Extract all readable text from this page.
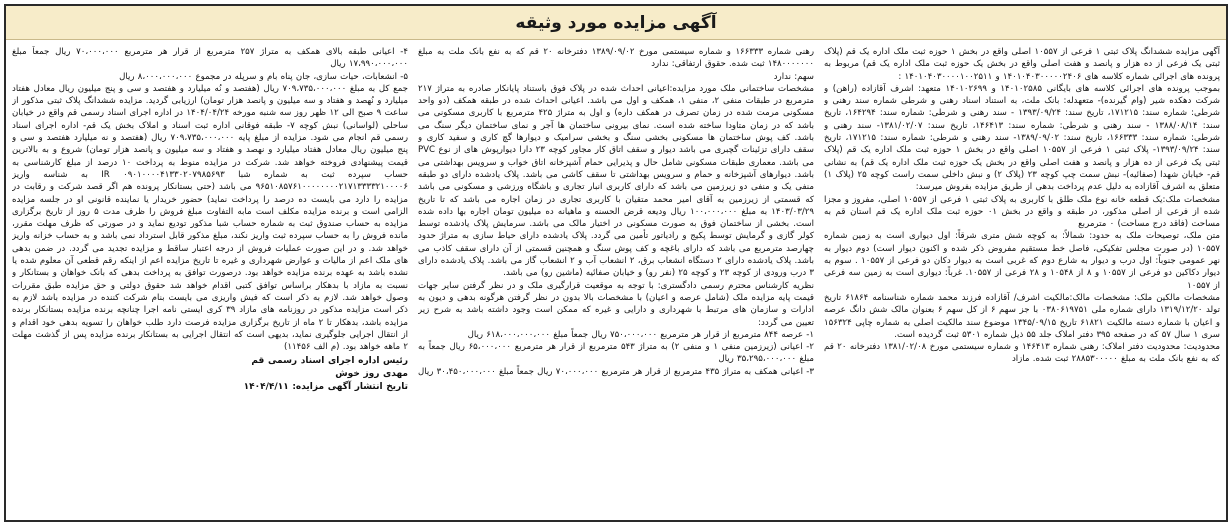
آگهی مزایده مورد وثیقه

آگهی مزایده ششدانگ پلاک ثبتی ۱ فرعی از ۱۰۵۵۷ اصلی واقع در بخش ۱ حوزه ثبت ملک اداره یک قم (پلاک ثبتی یک فرعی از ده هزار و پانصد و هفت اصلی واقع در بخش یک حوزه ثبت ملک اداره یک قم) مربوط به پرونده های اجرائی شماره کلاسه های ۱۴۰۱۰۴۰۳۰۰۰۰۰۲۴۰۶ و ۱۴۰۱۰۴۰۳۰۰۰۰۱۰۰۲۵۱۱ :

بموجب پرونده های اجرائی کلاسه های بایگانی ۱۴۰۱۰۲۵۸۵ و ۱۴۰۱۰۲۶۹۹ متعهد: اشرف آقازاده (راهن) و شرکت دهکده شیر (وام گیرنده)- متعهدله: بانک ملت، به استناد اسناد رهنی و شرطی شماره سند رهنی و شرطی: شماره سند: ۱۷۱۲۱۵، تاریخ سند: ۱۳۹۳/۰۹/۲۴ - سند رهنی و شرطی: شماره سند: ۱۶۴۲۹۴، تاریخ سند: ۱۳۸۸/۰۸/۱۴ - سند رهنی و شرطی: شماره سند: ۱۴۶۴۱۳، تاریخ سند: ۱۳۸۱/۰۲/۰۷- سند رهنی و شرطی: شماره سند: ۱۶۶۳۳۳، تاریخ سند: ۱۳۸۹/۰۹/۰۲- سند رهنی و شرطی: شماره سند: ۱۷۱۲۱۵، تاریخ سند: ۱۳۹۳/۰۹/۲۴- پلاک ثبتی ۱ فرعی از ۱۰۵۵۷ اصلی واقع در بخش ۱ حوزه ثبت ملک اداره یک قم (پلاک ثبتی یک فرعی از ده هزار و پانصد و هفت اصلی واقع در بخش یک حوزه ثبت ملک اداره یک قم) به نشانی قم- خیابان شهدا (صفائیه)- نبش سمت چپ کوچه ۲۳ (پلاک ۲) و نبش داخلی سمت راست کوچه ۲۵ (پلاک ۱) متعلق به اشرف آقازاده به دلیل عدم پرداخت بدهی از طریق مزایده بفروش میرسد:

مشخصات ملک:یک قطعه خانه نوع ملک طلق با کاربری به پلاک ثبتی ۱ فرعی از ۱۰۵۵۷ اصلی، مفروز و مجزا شده از فرعی از اصلی مذکور، در طبقه و واقع در بخش ۰۱ حوزه ثبت ملک اداره یک قم استان قم به مساحت (فاقد درج مساحت) ۰ مترمربع

متن ملک، توصیحات ملک به حدود: شمالاً: به کوچه شش متری شرقاً: اول دیواری است به زمین شماره ۱۰۵۵۷ (در صورت مجلس تفکیکی، فاصل خط مستقیم مفروض ذکر شده و اکنون دیوار است) دوم دیوار به نهر عمومی جنوباً: اول درب و دیوار به شارع دوم که غربی است به دیوار دکان دو فرعی از ۱۰۵۵۷ . سوم به دیوار دکاکین دو فرعی از ۱۰۵۵۷ و ۸ از ۱۰۵۴۸ و ۲۸ فرعی از ۱۰۵۵۷. غرباً: دیواری است به زمین سه فرعی از ۱۰۵۵۷

مشخصات مالکین ملک: مشخصات مالک:مالکیت اشرف/ آقازاده فرزند محمد شماره شناسنامه ۶۱۸۶۴ تاریخ تولد ۱۳۱۹/۱۲/۲۰ دارای شماره ملی ۰۳۸۰۶۱۹۷۵۱ با جز سهم ۶ از کل سهم ۶ بعنوان مالک شش دانگ عرصه و اعیان با شماره دسته مالکیت ۶۱۸۲۱ تاریخ ۱۳۴۵/۰۹/۱۵ موضوع سند مالکیت اصلی به شماره چاپی ۱۵۶۳۲۴ سری ۱ سال ۵۷ که در صفحه ۳۹۵ دفتر املاک جلد ۵۵ ذیل شماره ۵۳۰۱ ثبت گردیده است.

محدودیت: محدودیت دفتر املاک: رهنی شماره ۱۴۶۴۱۳ و شماره سیستمی مورخ ۱۳۸۱/۰۲/۰۸ دفترخانه ۲۰ قم که به نفع بانک ملت به مبلغ ۲۸۸۵۳۰۰۰۰۰ ثبت شده. مازاد

رهنی شماره ۱۶۶۳۳۳ و شماره سیستمی مورخ ۱۳۸۹/۰۹/۰۲ دفترخانه ۲۰ قم که به نفع بانک ملت به مبلغ ۱۴۸۰۰۰۰۰۰۰ ثبت شده. حقوق ارتفاقی: ندارد

سهم: ندارد

مشخصات ساختمانی ملک مورد مزایده:اعیانی احداث شده در پلاک فوق باستناد پایانکار صادره به متراژ ۲۱۷ مترمربع در طبقات منفی ۲، منفی ۱، همکف و اول می باشد. اعیانی احداث شده در طبقه همکف (دو واحد مسکونی مرمت شده در زمان تصرف در همکف داره) و اول به متراژ ۴۲۵ مترمربع با کاربری مسکونی می باشد که در زمان متاودا ساخته شده است. نمای بیرونی ساختمان ها آجر و نمای ساختمان دیگر سنگ می باشد. کف پوش ساختمان ها مسکونی بخشی سنگ و بخشی سرامیک و دیوارها گچ کاری و سفید کاری و سقف دارای تزئینات گچبری می باشد دیوار و سقف اتاق کار مجاور کوچه ۲۳ دارا دیوارپوش های از نوع PVC می باشد. معماری طبقات مسکونی شامل حال و پذیرایی حمام آشپزخانه اتاق خواب و سرویس بهداشتی می باشد. دیوارهای آشپزخانه و حمام و سرویس بهداشتی تا سقف کاشی می باشد. پلاک یادشده دارای دو طبقه منفی یک و منفی دو زیرزمین می باشد که دارای کاربری انبار تجاری و باشگاه ورزشی و مسکونی می باشد که قسمتی از زیرزمین به آقای امیر محمد متقیان با کاربری تجاری در زمان اجاره می باشد که تا تاریخ ۱۴۰۳/۰۳/۲۹ به مبلغ ۱۰۰،۰۰۰،۰۰۰ ریال ودیعه قرض الحسنه و ماهیانه ده میلیون تومان اجاره بها داده شده است. بخشی از ساختمان فوق به صورت مسکونی در اختیار مالک می باشد. سرمایش پلاک یادشده توسط کولر گازی و گرمایش توسط پکیج و رادیاتور تأمین می گردد. پلاک یادشده دارای حیاط سازی به متراژ حدود چهارصد مترمربع می باشد که دارای باغچه و کف پوش سنگ و همچنین قسمتی از آن دارای سقف کاذب می باشد. پلاک یادشده دارای ۲ دستگاه انشعاب برق، ۲ انشعاب آب و ۲ انشعاب گاز می باشد. پلاک یادشده دارای ۳ درب ورودی از کوچه ۲۳ و کوچه ۲۵ (نفر رو) و خیابان صفائیه (ماشین رو) می باشد.

نظریه کارشناس محترم رسمی دادگستری: با توجه به موقعیت قرارگیری ملک و در نظر گرفتن سایر جهات قیمت پایه مزایده ملک (شامل عرصه و اعیان) با مشخصات بالا بدون در نظر گرفتن هرگونه بدهی و دیون به ادارات و سازمان های مرتبط با شهرداری و دارایی و غیره که ممکن است وجود داشته باشد به شرح زیر تعیین می گردد:

۱- عرصه ۸۴۴ مترمربع از قرار هر مترمربع ۷۵۰،۰۰۰،۰۰۰ ریال جمعاً مبلغ ۶۱۸،۰۰۰،۰۰۰،۰۰۰ ریال

۲- اعیانی (زیرزمین منفی ۱ و منفی ۲) به متراژ ۵۴۳ مترمربع از قرار هر مترمربع ۶۵،۰۰۰،۰۰۰ ریال جمعاً به مبلغ ۳۵،۲۹۵،۰۰۰،۰۰۰ ریال

۳- اعیانی همکف به متراژ ۴۳۵ مترمربع از قرار هر مترمربع ۷۰،۰۰۰،۰۰۰ ریال جمعاً مبلغ ۳۰،۴۵۰،۰۰۰،۰۰۰ ریال

۴- اعیانی طبقه بالای همکف به متراژ ۲۵۷ مترمربع از قرار هر مترمربع ۷۰،۰۰۰،۰۰۰ ریال جمعاً مبلغ ۱۷،۹۹۰،۰۰۰،۰۰۰ ریال

۵- انشعابات، حیات سازی، جان پناه بام و سرپله در مجموع ۸،۰۰۰،۰۰۰،۰۰۰ ریال

جمع کل به مبلغ ۷۰۹،۷۳۵،۰۰۰،۰۰۰ ریال (هفتصد و نُه میلیارد و هفتصد و سی و پنج میلیون ریال معادل هفتاد میلیارد و نُهصد و هفتاد و سه میلیون و پانصد هزار تومان) ارزیابی گردید. مزایده ششدانگ پلاک ثبتی مذکور از ساعت ۹ صبح الی ۱۲ ظهر روز سه شنبه مورخه ۱۴۰۴/۰۴/۲۴ در اداره اجرای اسناد رسمی قم واقع در خیابان ساحلی (لواسانی) نبش کوچه ۷- طبقه فوقانی اداره ثبت اسناد و املاک بخش یک قم- اداره اجرای اسناد رسمی قم انجام می شود. مزایده از مبلغ پایه ۷۰۹،۷۳۵،۰۰۰،۰۰۰ ریال (هفتصد و نه میلیارد هفتصد و سی و پنج میلیون ریال معادل هفتاد میلیارد و نهصد و هفتاد و سه میلیون و پانصد هزار تومان) شروع و به بالاترین قیمت پیشنهادی فروخته خواهد شد. شرکت در مزایده منوط به پرداخت ۱۰ درصد از مبلغ کارشناسی به حساب سپرده ثبت به شماره شبا IR ۰۹۰۱۰۰۰۰۴۱۳۳۰۲۰۷۹۸۵۶۹۳ به شناسه واریز ۹۶۵۱۰۸۵۷۶۱۰۰۰۰۰۰۰۰۲۱۷۱۳۳۳۳۲۱۰۰۰۰۶ می باشد (حتی بستانکار پرونده هم اگر قصد شرکت و رقابت در مزایده را دارد می بایست ده درصد را پرداخت نماید) حضور خریدار یا نماینده قانونی او در جلسه مزایده الزامی است و برنده مزایده مکلف است مابه التفاوت مبلغ فروش را ظرف مدت ۵ روز از تاریخ برگزاری مزایده به حساب صندوق ثبت به شماره حساب شبا مذکور تودیع نماید و در صورتی که ظرف مهلت مقرر، مانده فروش را به حساب سپرده ثبت واریز نکند، مبلغ مذکور قابل استرداد نمی باشد و به حساب خزانه واریز خواهد شد. و در این صورت عملیات فروش از درجه اعتبار ساقط و مزایده تجدید می گردد. در ضمن بدهی های ملک اعم از مالیات و عوارض شهرداری و غیره تا تاریخ مزایده اعم از اینکه رقم قطعی آن معلوم شده یا نشده باشد به عهده برنده مزایده خواهد بود. درصورت توافق به پرداخت بدهی که بانک خواهان و بستانکار و نسبت به مازاد با بدهکار براساس توافق کتبی اقدام خواهد شد حقوق دولتی و حق مزایده طبق مقررات وصول خواهد شد. لازم به ذکر است که فیش واریزی می بایست بنام شرکت کننده در مزایده باشد لازم به ذکر است مزایده مذکور در روزنامه های مازاد ۳۹ کری ایستی نامه اجرا چنانچه برنده مزایده بستانکار برنده مزایده باشد، بدهکار تا ۲ ماه از تاریخ برگزاری مزایده فرصت دارد طلب خواهان را تسویه بدهی خود اقدام و از انتقال اجرایی جلوگیری نماید، بدیهی است که انتقال اجرایی به بستانکار برنده مزایده پس از گذشت مهلت ۲ ماهه خواهد بود. (م الف ۱۱۴۵۶)

رئیس اداره اجرای اسناد رسمی قم

مهدی روز خوش

تاریخ انتشار آگهی مزایده: ۱۴۰۴/۴/۱۱
